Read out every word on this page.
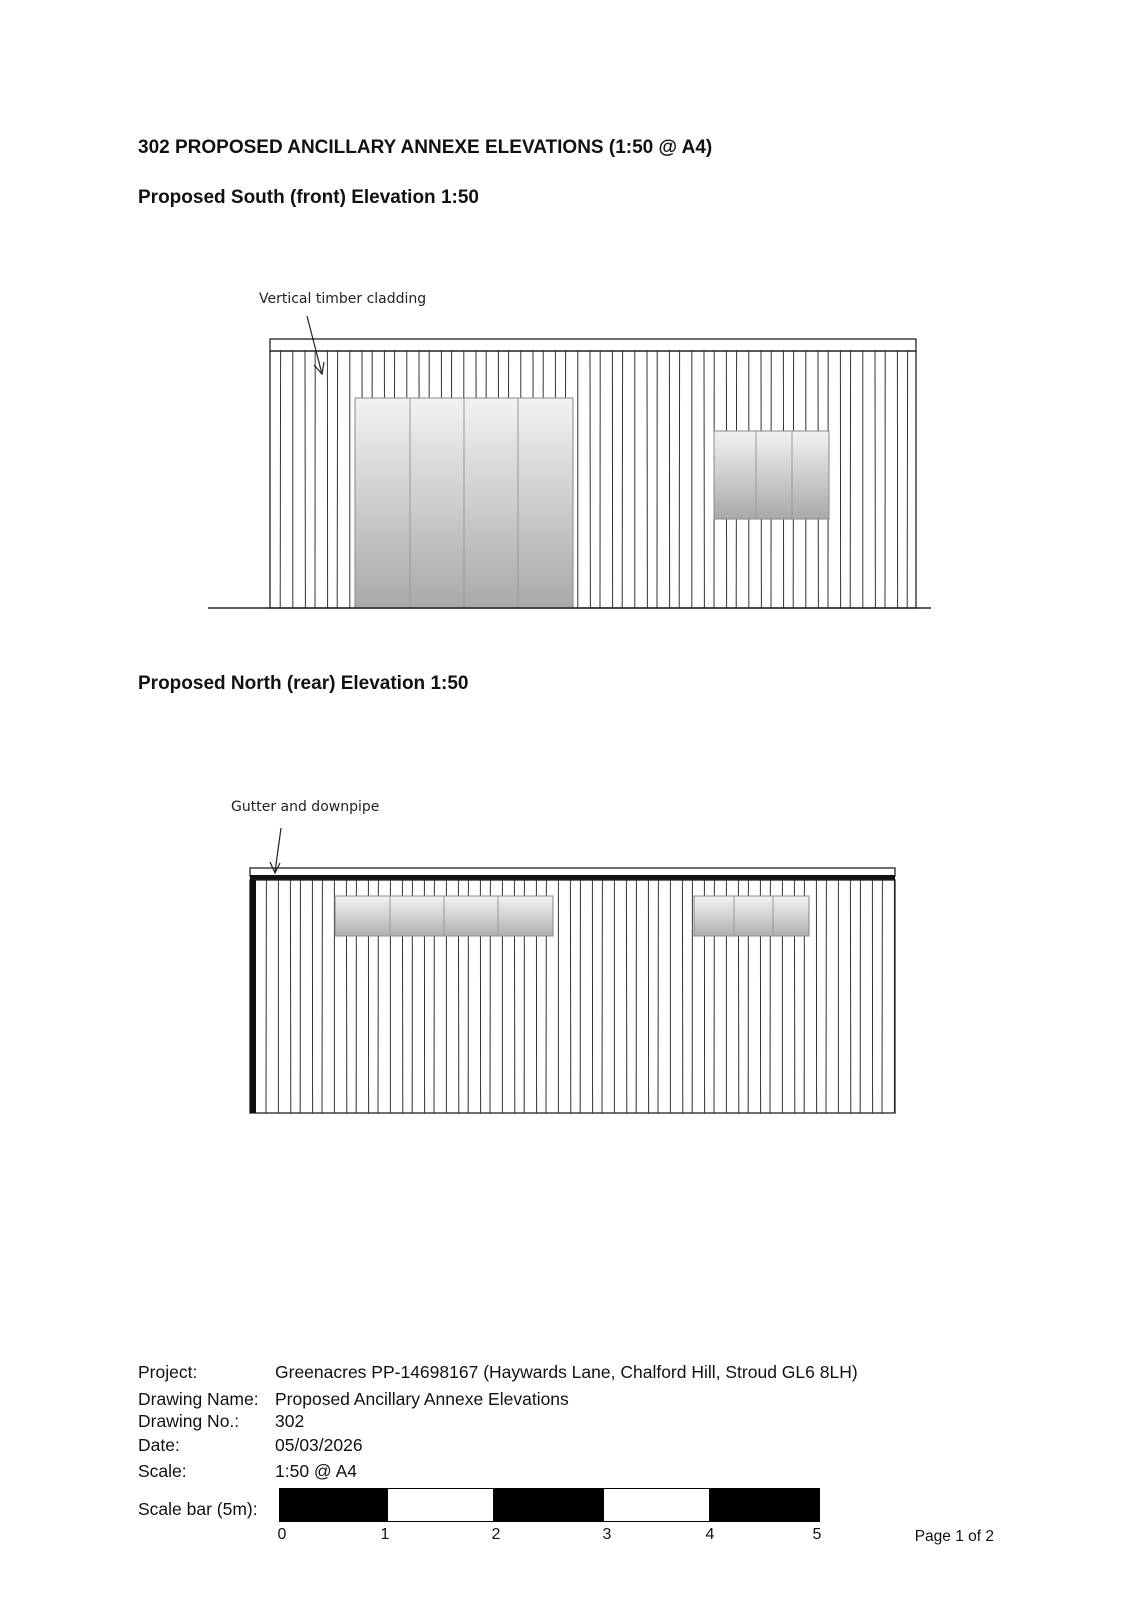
302 PROPOSED ANCILLARY ANNEXE ELEVATIONS (1:50 @ A4)
Proposed South (front) Elevation 1:50
Vertical timber cladding
Proposed North (rear) Elevation 1:50
Gutter and downpipe
Project:	Greenacres PP-14698167 (Haywards Lane, Chalford Hill, Stroud GL6 8LH)
Drawing Name: Proposed Ancillary Annexe Elevations
Drawing No.: 302
Date:	05/03/2026
Scale:	1:50 @ A4
Scale bar (5m):
0	1	2	3	4	5	Page 1 of 2
